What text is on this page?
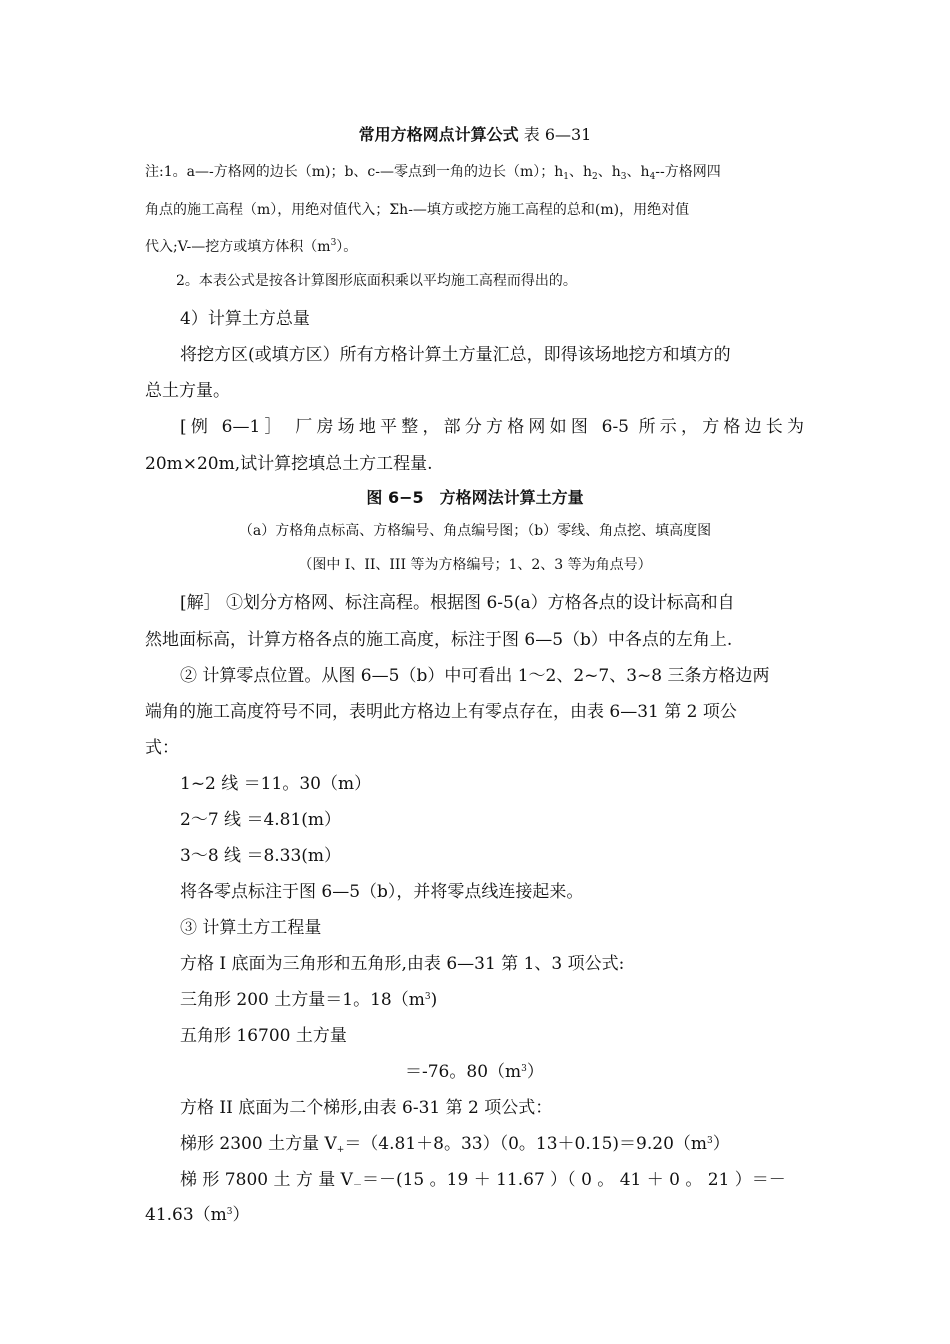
常用方格网点计算公式 表 6—31
注:1。a—-方格网的边长（m)；b、c-—零点到一角的边长（m）；$h_1$、$h_2$、$h_3$、$h_4--$方格网四
角点的施工高程（m），用绝对值代入；Σh-—填方或挖方施工高程的总和(m)，用绝对值
代入;V-—挖方或填方体积$(m^3)$。
2。本表公式是按各计算图形底面积乘以平均施工高程而得出的。
4）计算土方总量
将挖方区(或填方区）所有方格计算土方量汇总，即得该场地挖方和填方的
总土方量。
[例 6—1］ 厂房场地平整，部分方格网如图 6-5 所示，方格边长为
20m×20m,试计算挖填总土方工程量.
图 6−5　方格网法计算土方量
（a）方格角点标高、方格编号、角点编号图；（b）零线、角点挖、填高度图
（图中 I、II、III 等为方格编号；1、2、3 等为角点号）
[解］ ①划分方格网、标注高程。根据图 6-5(a）方格各点的设计标高和自
然地面标高，计算方格各点的施工高度，标注于图 6—5（b）中各点的左角上.
② 计算零点位置。从图 6—5（b）中可看出 1～2、2~7、3~8 三条方格边两
端角的施工高度符号不同，表明此方格边上有零点存在，由表 6—31 第 2 项公
式：
1~2 线 ＝11。30（m）
2～7 线 ＝4.81(m）
3～8 线 ＝8.33(m）
将各零点标注于图 6—5（b），并将零点线连接起来。
③ 计算土方工程量
方格 I 底面为三角形和五角形,由表 6—31 第 1、3 项公式:
三角形 200 土方量＝1。$18(m^3)$
五角形 16700 土方量
＝-76。$80(m^3)$
方格 II 底面为二个梯形,由表 6-31 第 2 项公式：
梯形 2300 土方量 $V_+=(4.81+8$。33）（0。$13+0.15)=9.20(m^3)$
梯 形 7800 土 方 量 $V_-=-(15$ 。19 ＋ 11.67 ）（ 0 。 41 ＋ 0 。 21 ）＝－
$41.63(m^3)$
